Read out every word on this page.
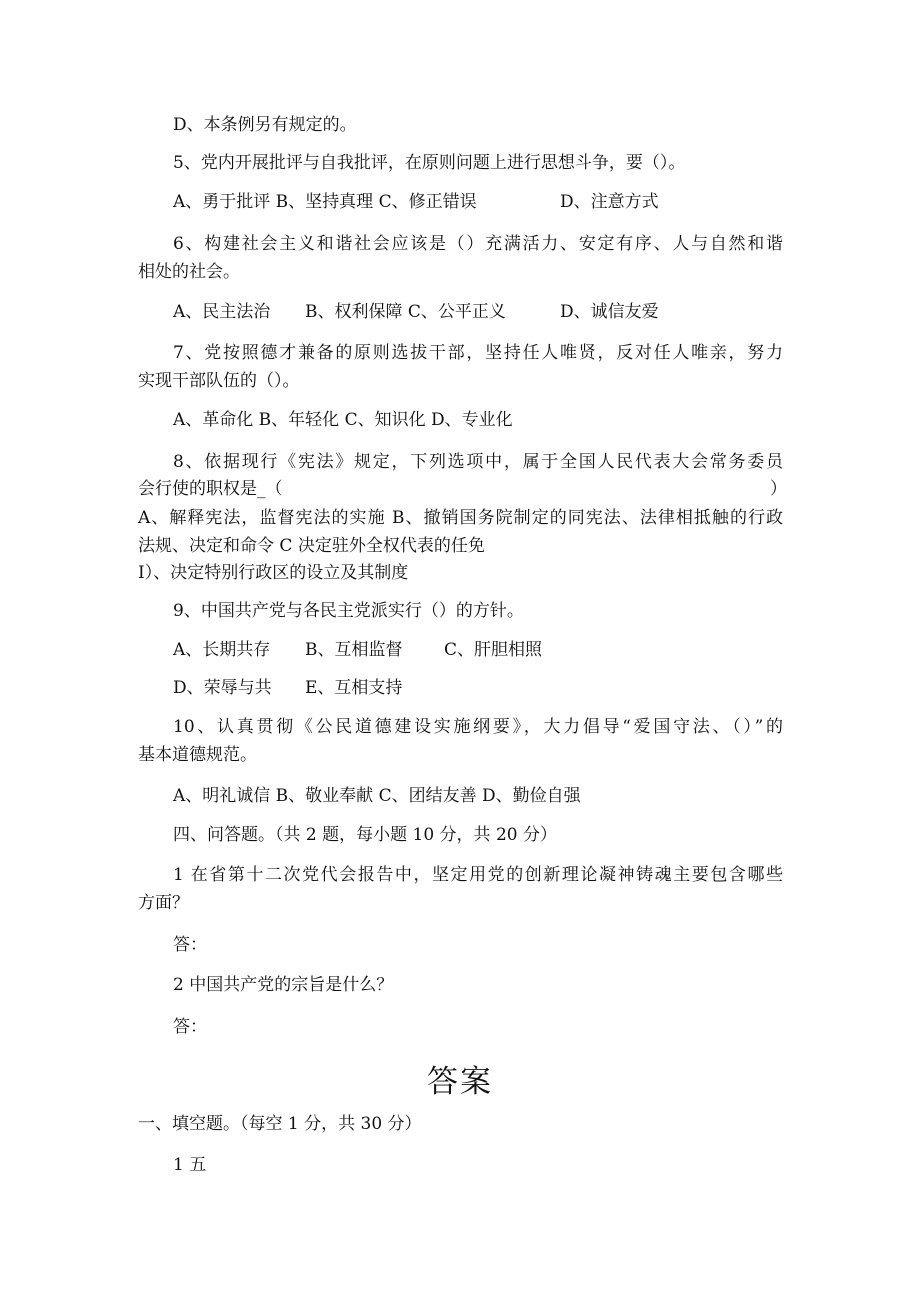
D、本条例另有规定的。
5、党内开展批评与自我批评，在原则问题上进行思想斗争，要（）。
A、勇于批评 B、坚持真理 C、修正错误	D、注意方式
6、构建社会主义和谐社会应该是（）充满活力、安定有序、人与自然和谐
相处的社会。
A、民主法治 B、权利保障 C、公平正义	D、诚信友爱
7、党按照德才兼备的原则选拔干部，坚持任人唯贤，反对任人唯亲，努力
实现干部队伍的（）。
A、革命化 B、年轻化 C、知识化 D、专业化
8、依据现行《宪法》规定，下列选项中，属于全国人民代表大会常务委员
会行使的职权是_（	）
A、解释宪法，监督宪法的实施 B、撤销国务院制定的同宪法、法律相抵触的行政
法规、决定和命令 C 决定驻外全权代表的任免
I）、决定特别行政区的设立及其制度
9、中国共产党与各民主党派实行（）的方针。
A、长期共存 B、互相监督 C、肝胆相照
D、荣辱与共 E、互相支持
10、认真贯彻《公民道德建设实施纲要》，大力倡导“爱国守法、（）”的
基本道德规范。
A、明礼诚信 B、敬业奉献 C、团结友善 D、勤俭自强
四、问答题。（共 2 题，每小题 10 分，共 20 分）
1 在省第十二次党代会报告中，坚定用党的创新理论凝神铸魂主要包含哪些
方面？
答：
2 中国共产党的宗旨是什么？
答：
答案
一、填空题。（每空 1 分，共 30 分）
1 五
